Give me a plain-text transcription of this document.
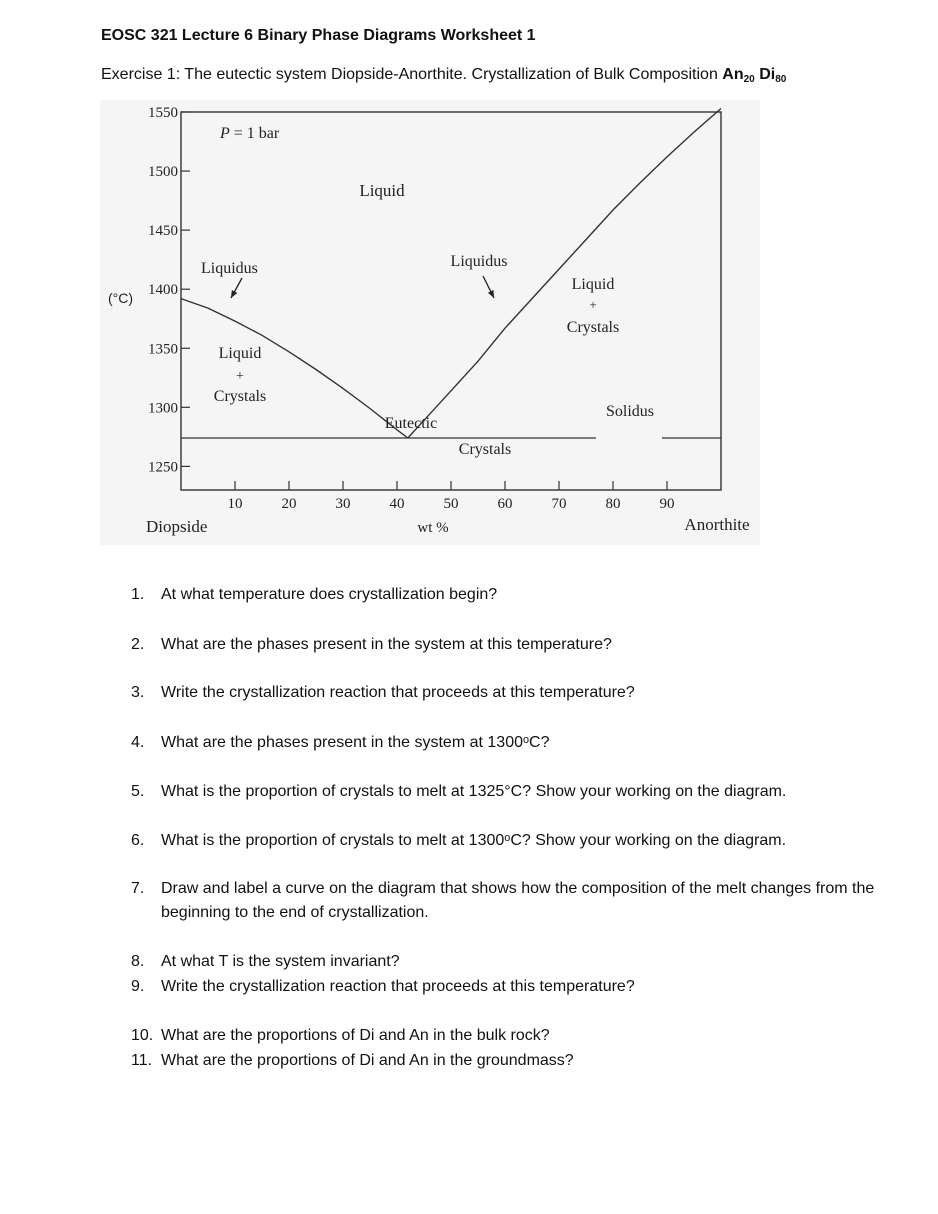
EOSC 321 Lecture 6 Binary Phase Diagrams Worksheet 1

Exercise 1: The eutectic system Diopside-Anorthite. Crystallization of Bulk Composition $An_{20}$ $Di_{80}$

1550
1500
1450
1400
1350
1300
1250
10	20	30	40	50	60	70	80	90
P = 1 bar
Liquid
Liquidus	Liquidus
Liquid
+
Crystals
Liquid
+
Crystals
Eutectic
Solidus
Crystals
(°C)
wt %
Diopside	Anorthite
1.	At what temperature does crystallization begin?
2.	What are the phases present in the system at this temperature?
3.	Write the crystallization reaction that proceeds at this temperature?
4.	What are the phases present in the system at 1300ᵒC?
5.	What is the proportion of crystals to melt at 1325°C? Show your working on the diagram.
6.	What is the proportion of crystals to melt at 1300ᵒC? Show your working on the diagram.
7.	Draw and label a curve on the diagram that shows how the composition of the melt changes from the beginning to the end of crystallization.
8.	At what T is the system invariant?
9.	Write the crystallization reaction that proceeds at this temperature?
10. What are the proportions of Di and An in the bulk rock?
11. What are the proportions of Di and An in the groundmass?
